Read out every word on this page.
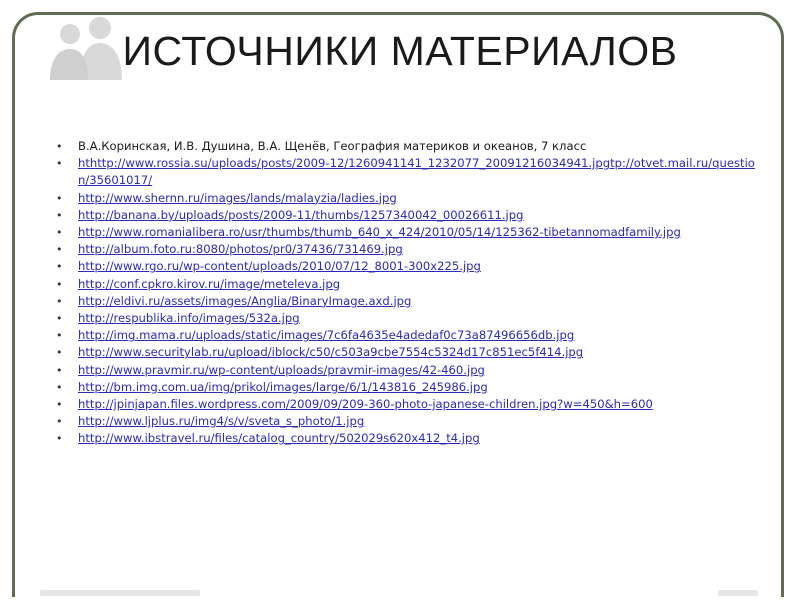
ИСТОЧНИКИ МАТЕРИАЛОВ
• В.А.Коринская, И.В. Душина, В.А. Щенёв, География материков и океанов, 7 класс
• hthttp://www.rossia.su/uploads/posts/2009-12/1260941141_1232077_20091216034941.jpgtp://otvet.mail.ru/question/35601017/
• http://www.shernn.ru/images/lands/malayzia/ladies.jpg
• http://banana.by/uploads/posts/2009-11/thumbs/1257340042_00026611.jpg
• http://www.romanialibera.ro/usr/thumbs/thumb_640_x_424/2010/05/14/125362-tibetannomadfamily.jpg
• http://album.foto.ru:8080/photos/pr0/37436/731469.jpg
• http://www.rgo.ru/wp-content/uploads/2010/07/12_8001-300x225.jpg
• http://conf.cpkro.kirov.ru/image/meteleva.jpg
• http://eldivi.ru/assets/images/Anglia/BinaryImage.axd.jpg
• http://respublika.info/images/532a.jpg
• http://img.mama.ru/uploads/static/images/7c6fa4635e4adedaf0c73a87496656db.jpg
• http://www.securitylab.ru/upload/iblock/c50/c503a9cbe7554c5324d17c851ec5f414.jpg
• http://www.pravmir.ru/wp-content/uploads/pravmir-images/42-460.jpg
• http://bm.img.com.ua/img/prikol/images/large/6/1/143816_245986.jpg
• http://jpinjapan.files.wordpress.com/2009/09/209-360-photo-japanese-children.jpg?w=450&h=600
• http://www.ljplus.ru/img4/s/v/sveta_s_photo/1.jpg
• http://www.ibstravel.ru/files/catalog_country/502029s620x412_t4.jpg
